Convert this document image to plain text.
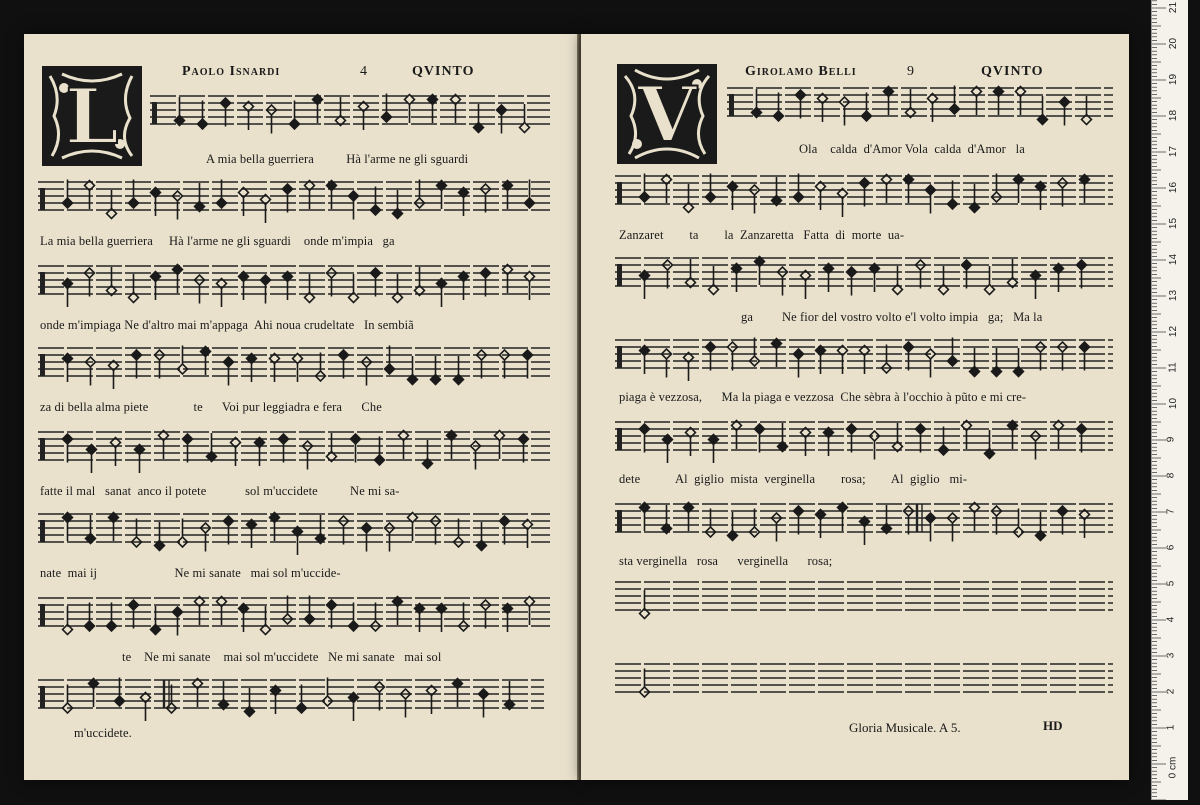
L	Paolo Isnardi	4	QVINTO
A mia bella guerriera          Hà l'arme ne gli sguardi
La mia bella guerriera     Hà l'arme ne gli sguardi    onde m'impia   ga
onde m'impiaga Ne d'altro mai m'appaga  Ahi noua crudeltate   In sembiã
za di bella alma piete              te      Voi pur leggiadra e fera      Che
fatte il mal   sanat  anco il potete            sol m'uccidete          Ne mi sa-
nate  mai ij                        Ne mi sanate   mai sol m'uccide-
te    Ne mi sanate    mai sol m'uccidete   Ne mi sanate   mai sol
m'uccidete.
V	Girolamo Belli	9	QVINTO
Ola    calda  d'Amor Vola  calda  d'Amor   la
Zanzaret        ta        la  Zanzaretta   Fatta  di  morte  ua-
ga         Ne fior del vostro volto e'l volto impia   ga;   Ma la
piaga è vezzosa,      Ma la piaga e vezzosa  Che sèbra à l'occhio à pũto e mi cre-
dete           Al  giglio  mista  verginella        rosa;        Al  giglio   mi-
sta verginella   rosa      verginella      rosa;
Gloria Musicale. A 5.	HD
0 cm
1
2
3
4
5
6
7
8
9
10
11
12
13
14
15
16
17
18
19
20
21
